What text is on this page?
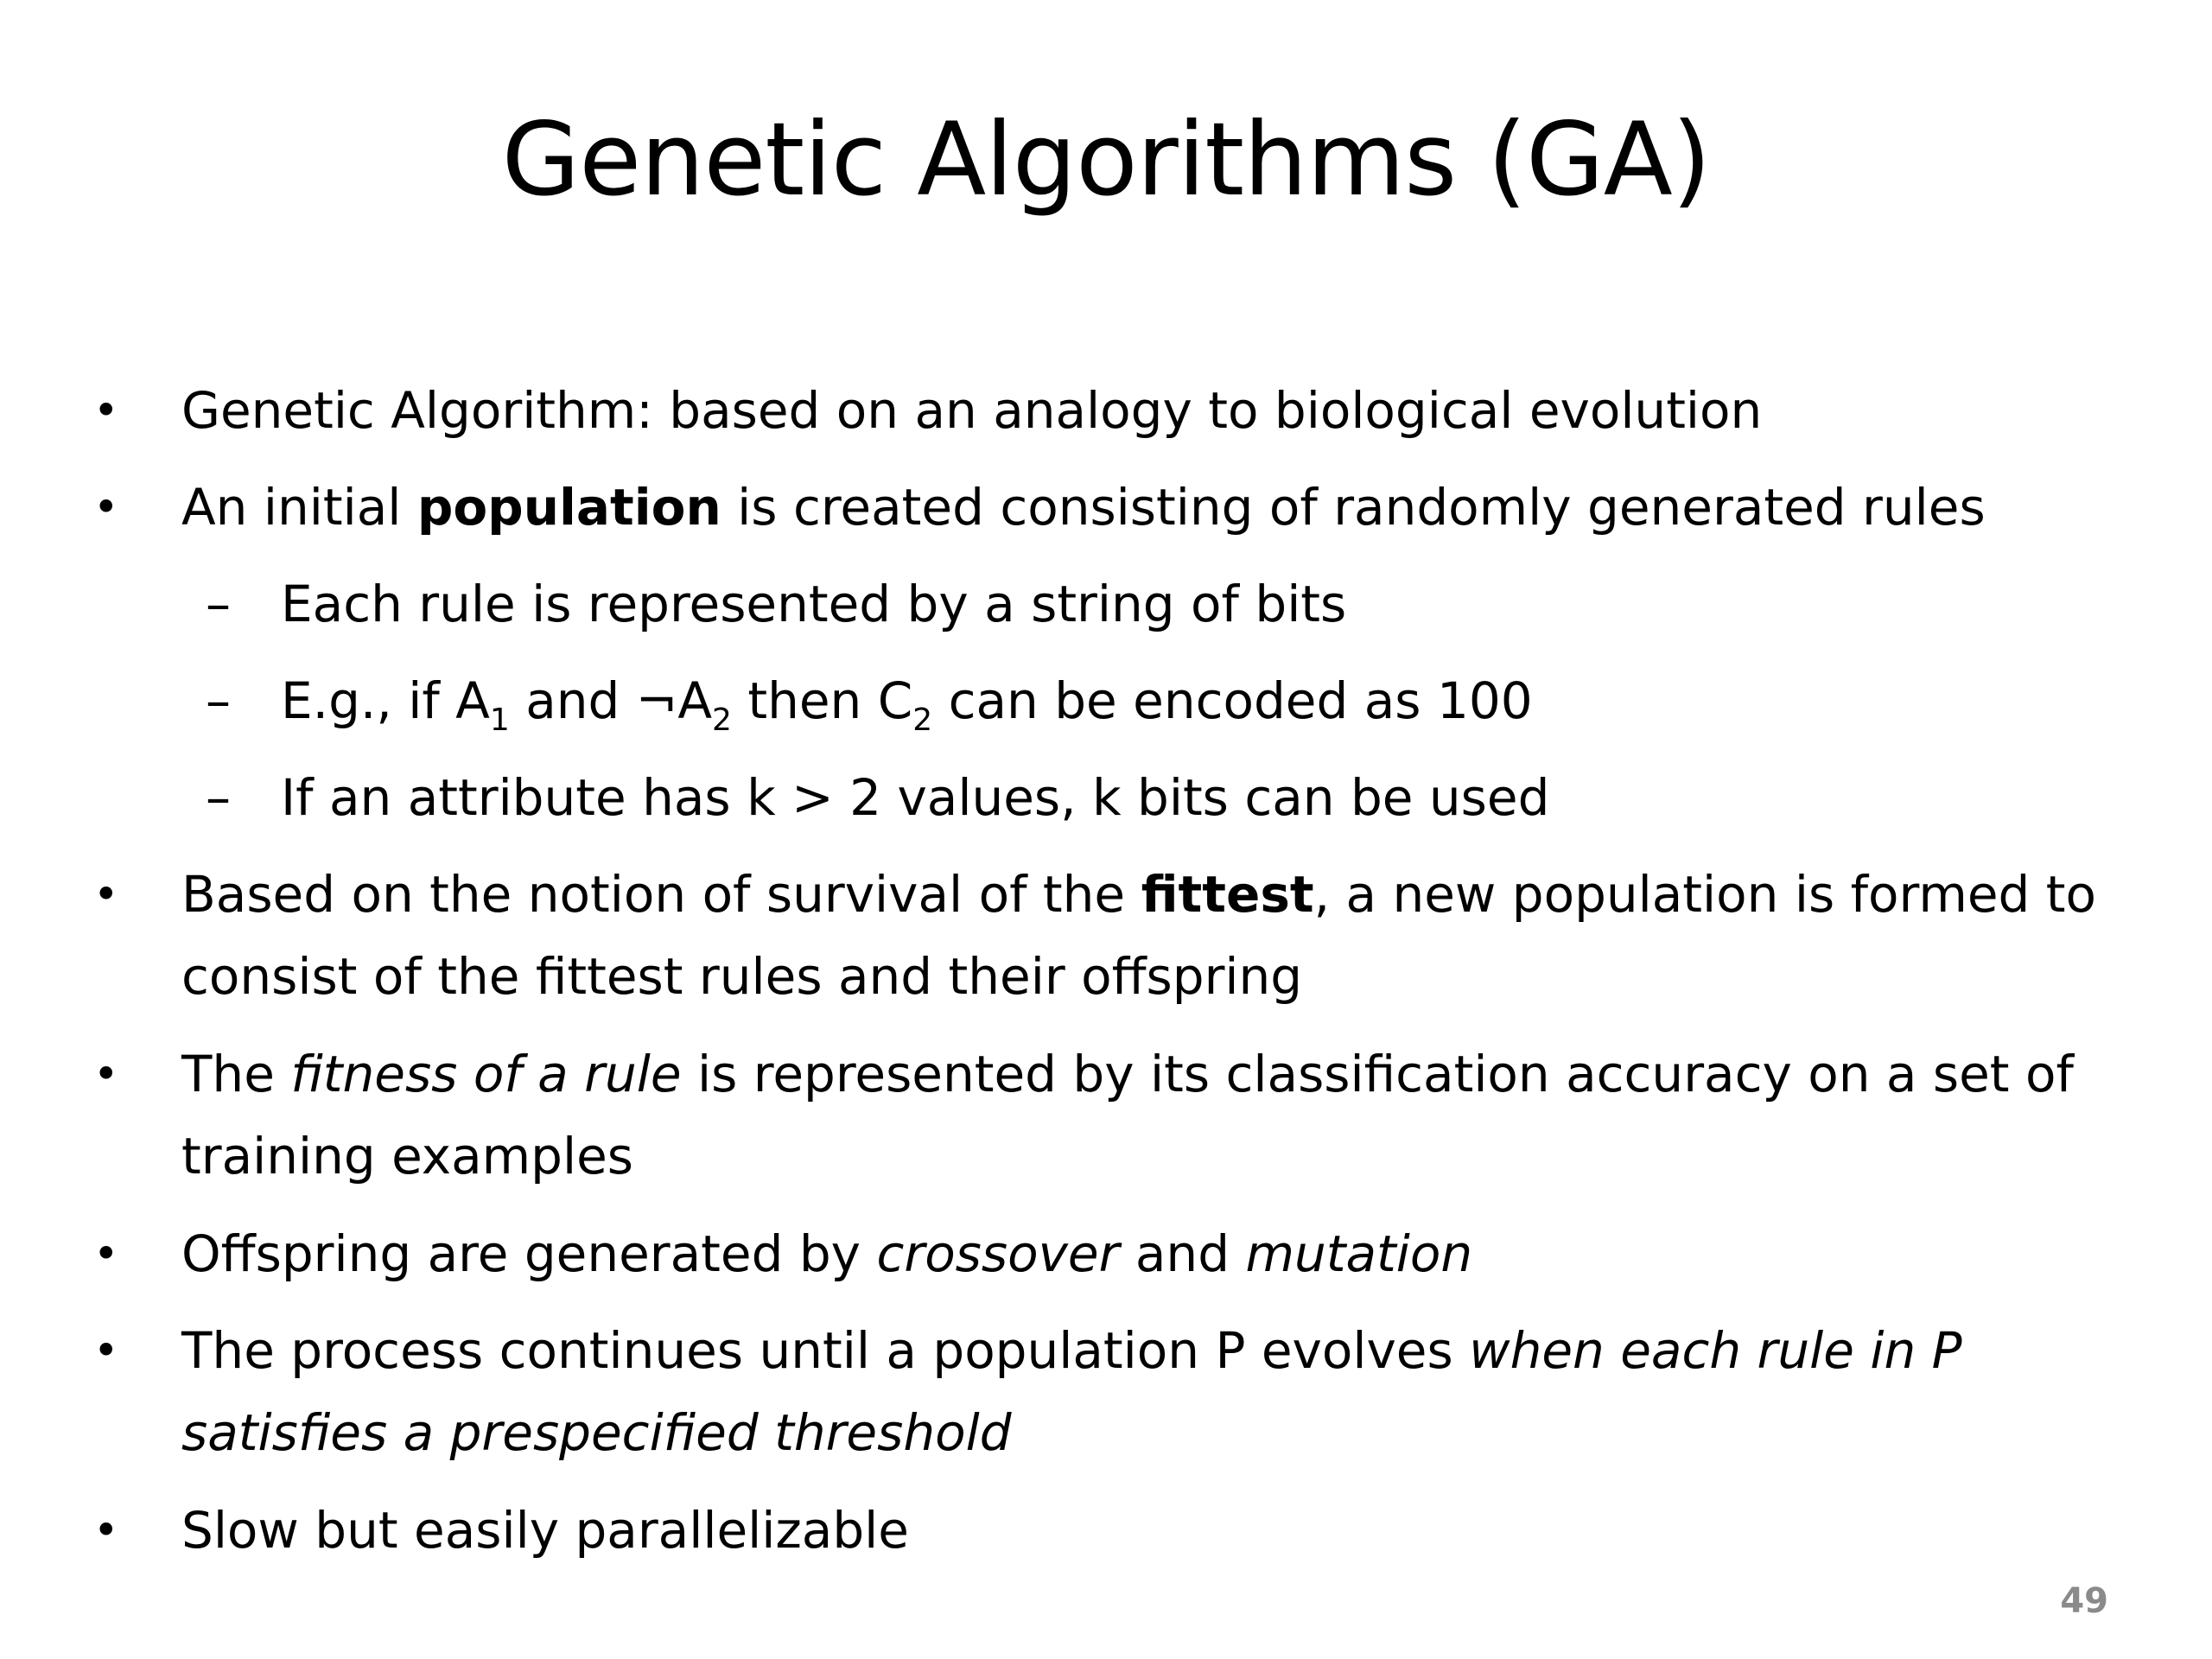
Genetic Algorithms (GA)
• Genetic Algorithm: based on an analogy to biological evolution
• An initial population is created consisting of randomly generated rules
– Each rule is represented by a string of bits
– E.g., if $A_1$ and $\neg A_2$ then $C_2$ can be encoded as 100
– If an attribute has k > 2 values, k bits can be used
• Based on the notion of survival of the fittest, a new population is formed to
consist of the fittest rules and their offspring
• The fitness of a rule is represented by its classification accuracy on a set of
training examples
• Offspring are generated by crossover and mutation
• The process continues until a population P evolves when each rule in P
satisfies a prespecified threshold
• Slow but easily parallelizable
49
